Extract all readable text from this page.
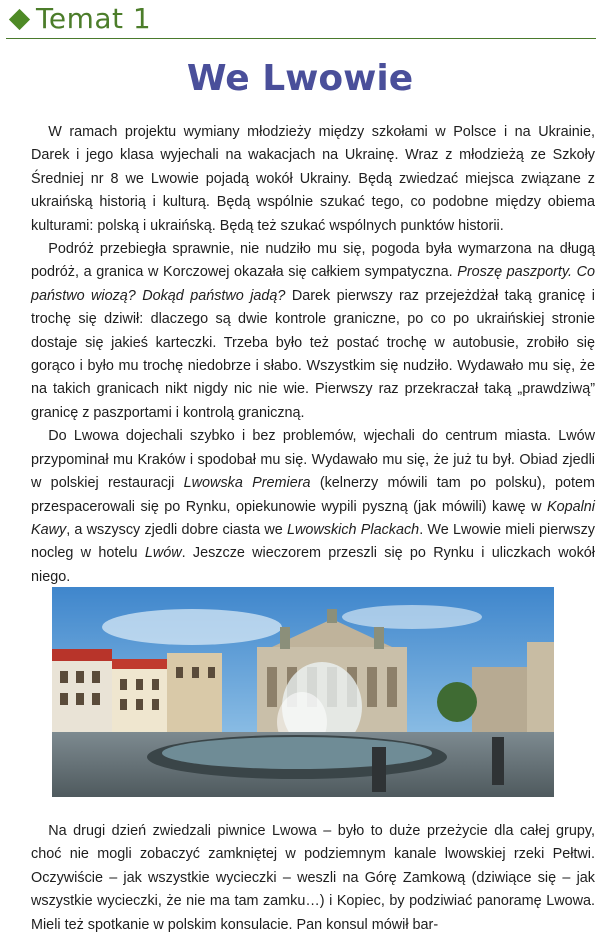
Temat 1
We Lwowie

W ramach projektu wymiany młodzieży między szkołami w Polsce i na Ukrainie, Darek i jego klasa wyjechali na wakacjach na Ukrainę. Wraz z młodzieżą ze Szkoły Średniej nr 8 we Lwowie pojadą wokół Ukrainy. Będą zwiedzać miejsca związane z ukraińską historią i kulturą. Będą wspólnie szukać tego, co podobne między obiema kulturami: polską i ukraińską. Będą też szukać wspólnych punktów historii.

Podróż przebiegła sprawnie, nie nudziło mu się, pogoda była wymarzona na długą podróż, a granica w Korczowej okazała się całkiem sympatyczna. Proszę paszporty. Co państwo wiozą? Dokąd państwo jadą? Darek pierwszy raz przejeżdżał taką granicę i trochę się dziwił: dlaczego są dwie kontrole graniczne, po co po ukraińskiej stronie dostaje się jakieś karteczki. Trzeba było też postać trochę w autobusie, zrobiło się gorąco i było mu trochę niedobrze i słabo. Wszystkim się nudziło. Wydawało mu się, że na takich granicach nikt nigdy nic nie wie. Pierwszy raz przekraczał taką „prawdziwą” granicę z paszportami i kontrolą graniczną.

Do Lwowa dojechali szybko i bez problemów, wjechali do centrum miasta. Lwów przypominał mu Kraków i spodobał mu się. Wydawało mu się, że już tu był. Obiad zjedli w polskiej restauracji Lwowska Premiera (kelnerzy mówili tam po polsku), potem przespacerowali się po Rynku, opiekunowie wypili pyszną (jak mówili) kawę w Kopalni Kawy, a wszyscy zjedli dobre ciasta we Lwowskich Plackach. We Lwowie mieli pierwszy nocleg w hotelu Lwów. Jeszcze wieczorem przeszli się po Rynku i uliczkach wokół niego.

Na drugi dzień zwiedzali piwnice Lwowa – było to duże przeżycie dla całej grupy, choć nie mogli zobaczyć zamkniętej w podziemnym kanale lwowskiej rzeki Pełtwi. Oczywiście – jak wszystkie wycieczki – weszli na Górę Zamkową (dziwiące się – jak wszystkie wycieczki, że nie ma tam zamku…) i Kopiec, by podziwiać panoramę Lwowa. Mieli też spotkanie w polskim konsulacie. Pan konsul mówił bar-
